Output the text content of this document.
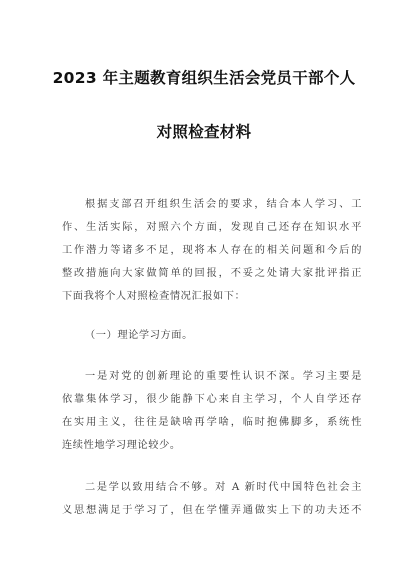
2023 年主题教育组织生活会党员干部个人
对照检查材料
根据支部召开组织生活会的要求，结合本人学习、工
作、生活实际，对照六个方面，发现自己还存在知识水平
工作潜力等诸多不足，现将本人存在的相关问题和今后的
整改措施向大家做简单的回报，不妥之处请大家批评指正
下面我将个人对照检查情况汇报如下：
（一）理论学习方面。
一是对党的创新理论的重要性认识不深。学习主要是
依靠集体学习，很少能静下心来自主学习，个人自学还存
在实用主义，往往是缺啥再学啥，临时抱佛脚多，系统性
连续性地学习理论较少。
二是学以致用结合不够。对 A 新时代中国特色社会主
义思想满足于学习了，但在学懂弄通做实上下的功夫还不
